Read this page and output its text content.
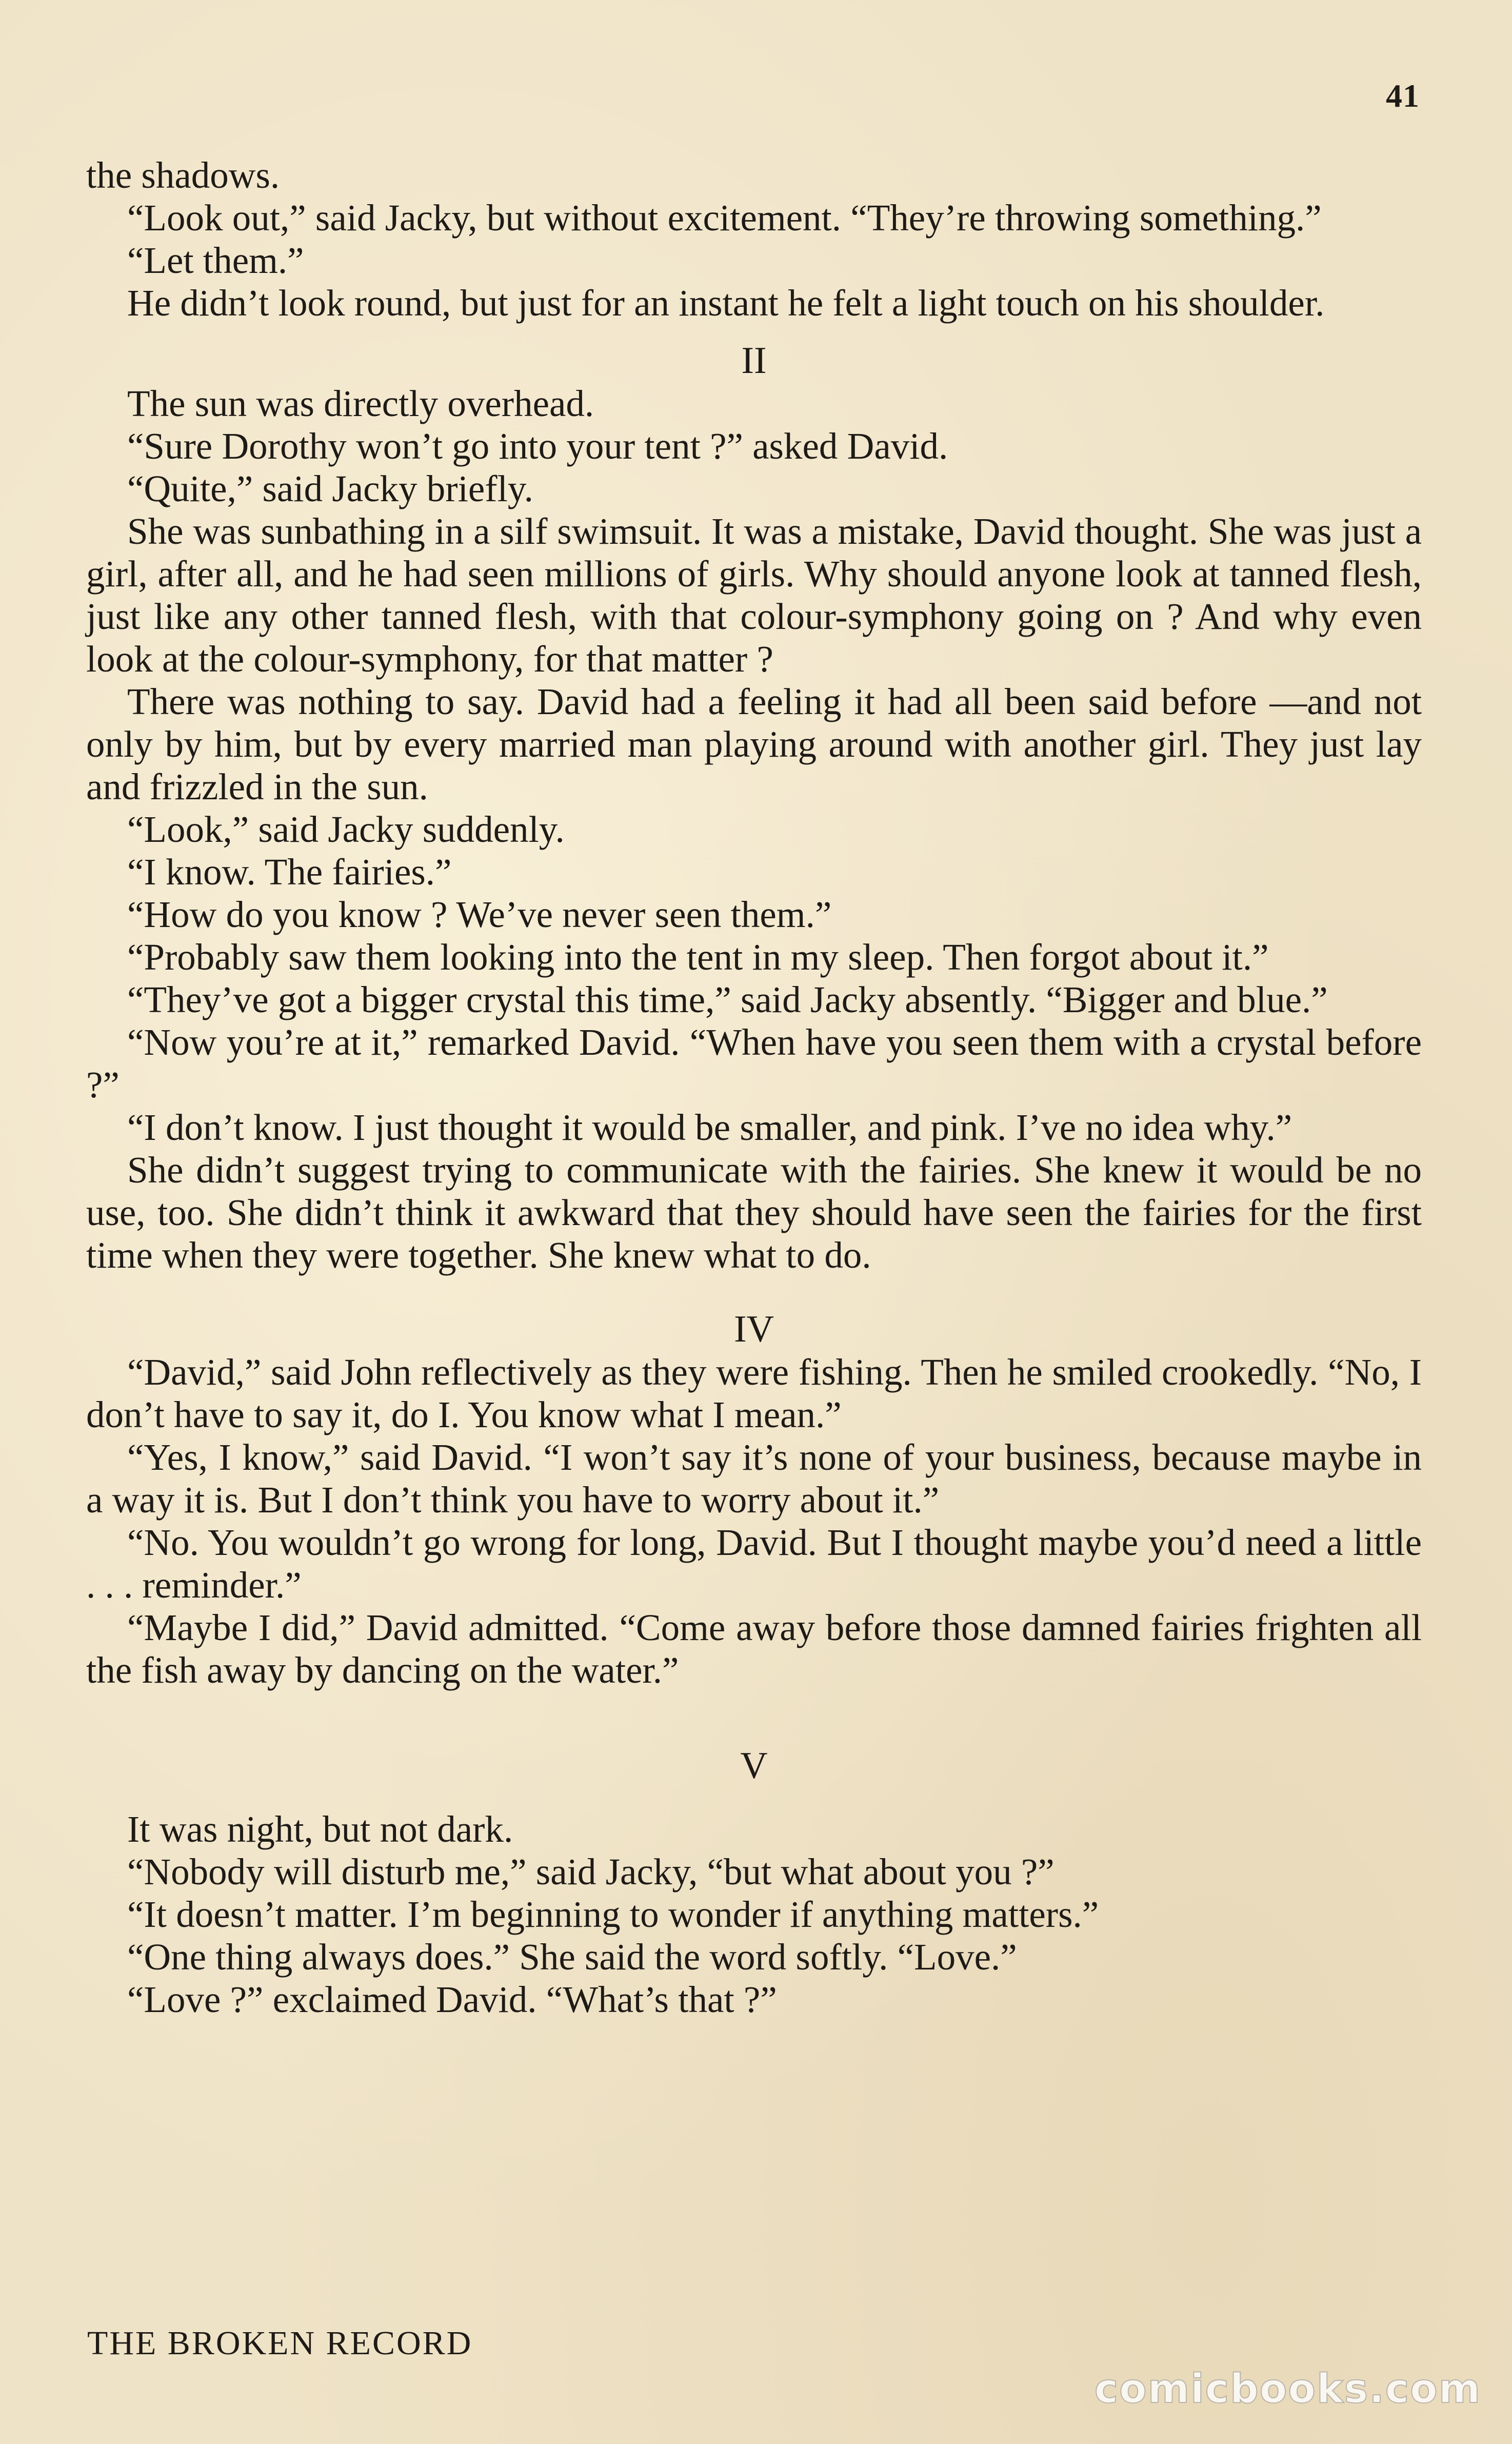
41

the shadows.

“Look out,” said Jacky, but without excitement. “They’re throwing something.”

“Let them.”

He didn’t look round, but just for an instant he felt a light touch on his shoulder.

II

The sun was directly overhead.

“Sure Dorothy won’t go into your tent ?” asked David.

“Quite,” said Jacky briefly.

She was sunbathing in a silf swimsuit. It was a mistake, David thought. She was just a girl, after all, and he had seen millions of girls. Why should anyone look at tanned flesh, just like any other tanned flesh, with that colour-symphony going on ? And why even look at the colour-symphony, for that matter ?

There was nothing to say. David had a feeling it had all been said before —and not only by him, but by every married man playing around with another girl. They just lay and frizzled in the sun.

“Look,” said Jacky suddenly.

“I know. The fairies.”

“How do you know ? We’ve never seen them.”

“Probably saw them looking into the tent in my sleep. Then forgot about it.”

“They’ve got a bigger crystal this time,” said Jacky absently. “Bigger and blue.”

“Now you’re at it,” remarked David. “When have you seen them with a crystal before ?”

“I don’t know. I just thought it would be smaller, and pink. I’ve no idea why.”

She didn’t suggest trying to communicate with the fairies. She knew it would be no use, too. She didn’t think it awkward that they should have seen the fairies for the first time when they were together. She knew what to do.

IV

“David,” said John reflectively as they were fishing. Then he smiled crookedly. “No, I don’t have to say it, do I. You know what I mean.”

“Yes, I know,” said David. “I won’t say it’s none of your business, because maybe in a way it is. But I don’t think you have to worry about it.”

“No. You wouldn’t go wrong for long, David. But I thought maybe you’d need a little . . . reminder.”

“Maybe I did,” David admitted. “Come away before those damned fairies frighten all the fish away by dancing on the water.”

V

It was night, but not dark.

“Nobody will disturb me,” said Jacky, “but what about you ?”

“It doesn’t matter. I’m beginning to wonder if anything matters.”

“One thing always does.” She said the word softly. “Love.”

“Love ?” exclaimed David. “What’s that ?”

THE BROKEN RECORD
comicbooks.com
